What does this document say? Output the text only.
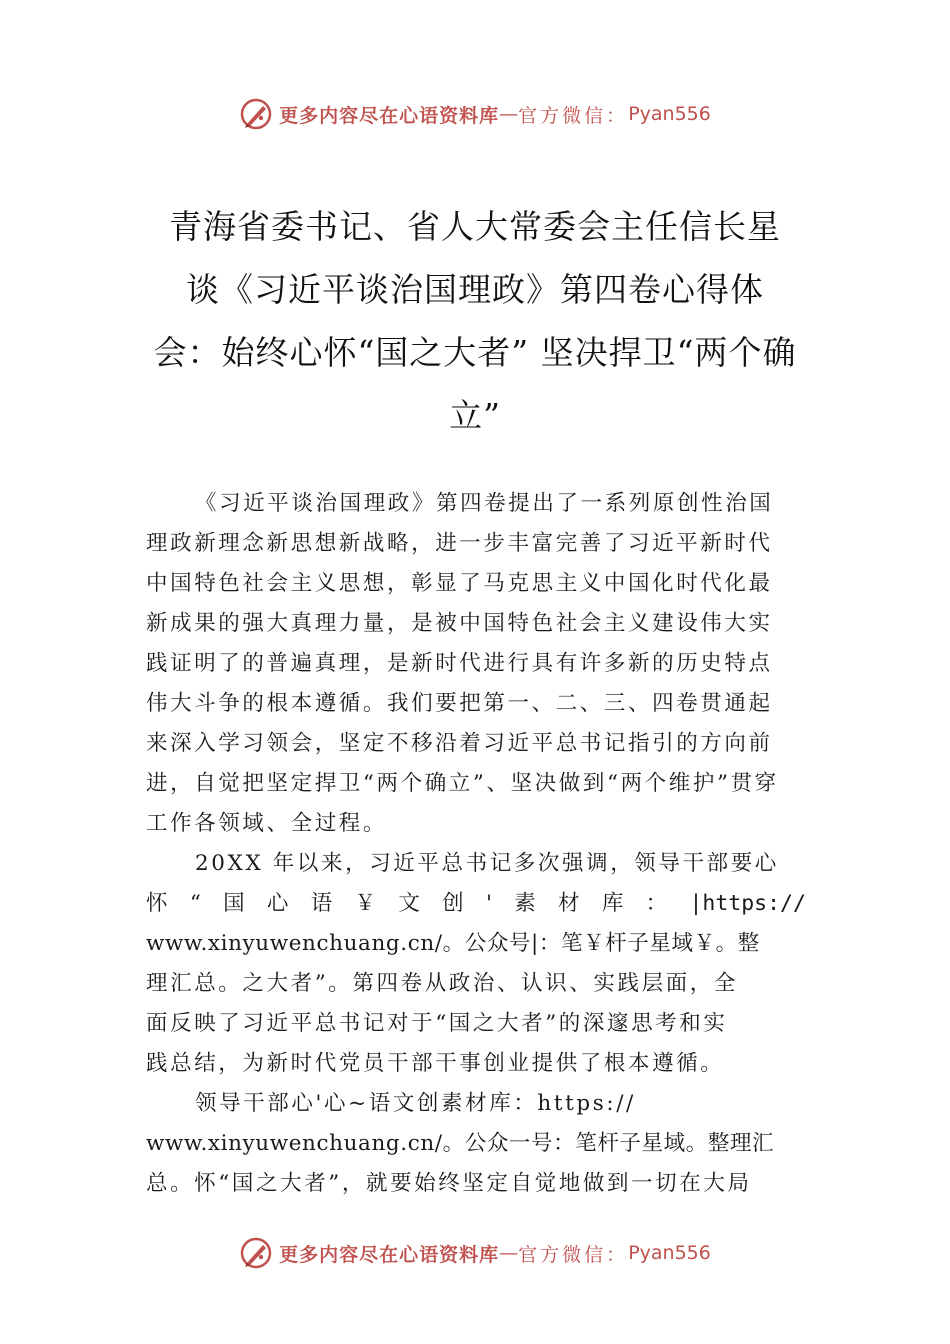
更多内容尽在心语资料库 — 官方微信： Pyan556
青海省委书记、省人大常委会主任信长星
谈《习近平谈治国理政》第四卷心得体
会：始终心怀“国之大者” 坚决捍卫“两个确
立”
《习近平谈治国理政》第四卷提出了一系列原创性治国
理政新理念新思想新战略，进一步丰富完善了习近平新时代
中国特色社会主义思想，彰显了马克思主义中国化时代化最
新成果的强大真理力量，是被中国特色社会主义建设伟大实
践证明了的普遍真理，是新时代进行具有许多新的历史特点
伟大斗争的根本遵循。我们要把第一、二、三、四卷贯通起
来深入学习领会，坚定不移沿着习近平总书记指引的方向前
进，自觉把坚定捍卫“两个确立”、坚决做到“两个维护”贯穿
工作各领域、全过程。
20XX 年以来，习近平总书记多次强调，领导干部要心
怀 “ 国 心 语 ￥ 文 创 ' 素 材 库 ： |https://
www.xinyuwenchuang.cn/。公众号|：笔￥杆子星域￥。整
理汇总。之大者”。第四卷从政治、认识、实践层面，全
面反映了习近平总书记对于“国之大者”的深邃思考和实
践总结，为新时代党员干部干事创业提供了根本遵循。
领导干部心'心~语文创素材库：https://
www.xinyuwenchuang.cn/。公众一号：笔杆子星域。整理汇
总。怀“国之大者”，就要始终坚定自觉地做到一切在大局
更多内容尽在心语资料库 — 官方微信： Pyan556
